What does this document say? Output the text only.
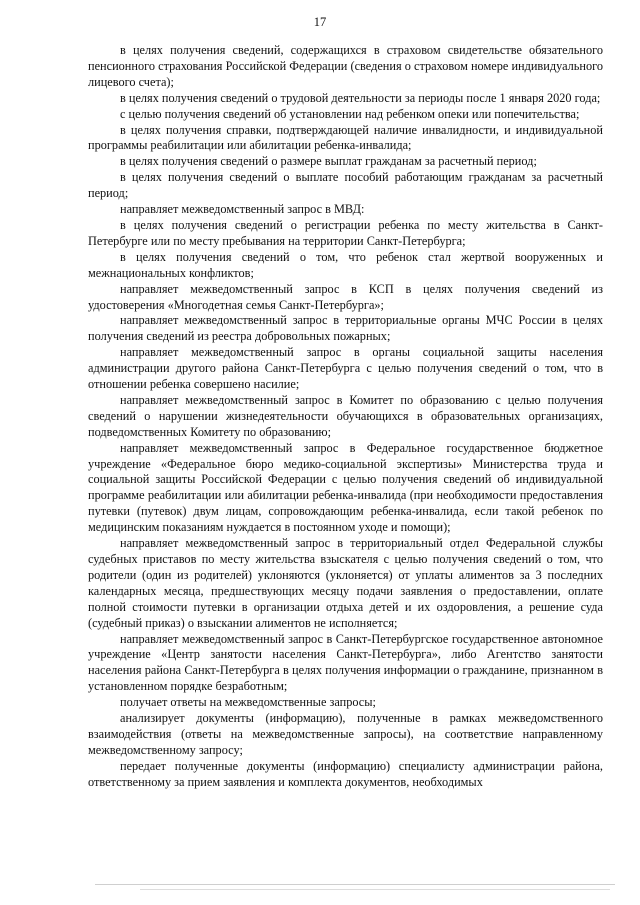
17

в целях получения сведений, содержащихся в страховом свидетельстве обязательного пенсионного страхования Российской Федерации (сведения о страховом номере индивидуального лицевого счета);

в целях получения сведений о трудовой деятельности за периоды после 1 января 2020 года;

с целью получения сведений об установлении над ребенком опеки или попечительства;

в целях получения справки, подтверждающей наличие инвалидности, и индивидуальной программы реабилитации или абилитации ребенка-инвалида;

в целях получения сведений о размере выплат гражданам за расчетный период;

в целях получения сведений о выплате пособий работающим гражданам за расчетный период;

направляет межведомственный запрос в МВД:

в целях получения сведений о регистрации ребенка по месту жительства в Санкт-Петербурге или по месту пребывания на территории Санкт-Петербурга;

в целях получения сведений о том, что ребенок стал жертвой вооруженных и межнациональных конфликтов;

направляет межведомственный запрос в КСП в целях получения сведений из удостоверения «Многодетная семья Санкт-Петербурга»;

направляет межведомственный запрос в территориальные органы МЧС России в целях получения сведений из реестра добровольных пожарных;

направляет межведомственный запрос в органы социальной защиты населения администрации другого района Санкт-Петербурга с целью получения сведений о том, что в отношении ребенка совершено насилие;

направляет межведомственный запрос в Комитет по образованию с целью получения сведений о нарушении жизнедеятельности обучающихся в образовательных организациях, подведомственных Комитету по образованию;

направляет межведомственный запрос в Федеральное государственное бюджетное учреждение «Федеральное бюро медико-социальной экспертизы» Министерства труда и социальной защиты Российской Федерации с целью получения сведений об индивидуальной программе реабилитации или абилитации ребенка-инвалида (при необходимости предоставления путевки (путевок) двум лицам, сопровождающим ребенка-инвалида, если такой ребенок по медицинским показаниям нуждается в постоянном уходе и помощи);

направляет межведомственный запрос в территориальный отдел Федеральной службы судебных приставов по месту жительства взыскателя с целью получения сведений о том, что родители (один из родителей) уклоняются (уклоняется) от уплаты алиментов за 3 последних календарных месяца, предшествующих месяцу подачи заявления о предоставлении, оплате полной стоимости путевки в организации отдыха детей и их оздоровления, а решение суда (судебный приказ) о взыскании алиментов не исполняется;

направляет межведомственный запрос в Санкт-Петербургское государственное автономное учреждение «Центр занятости населения Санкт-Петербурга», либо Агентство занятости населения района Санкт-Петербурга в целях получения информации о гражданине, признанном в установленном порядке безработным;

получает ответы на межведомственные запросы;

анализирует документы (информацию), полученные в рамках межведомственного взаимодействия (ответы на межведомственные запросы), на соответствие направленному межведомственному запросу;

передает полученные документы (информацию) специалисту администрации района, ответственному за прием заявления и комплекта документов, необходимых
